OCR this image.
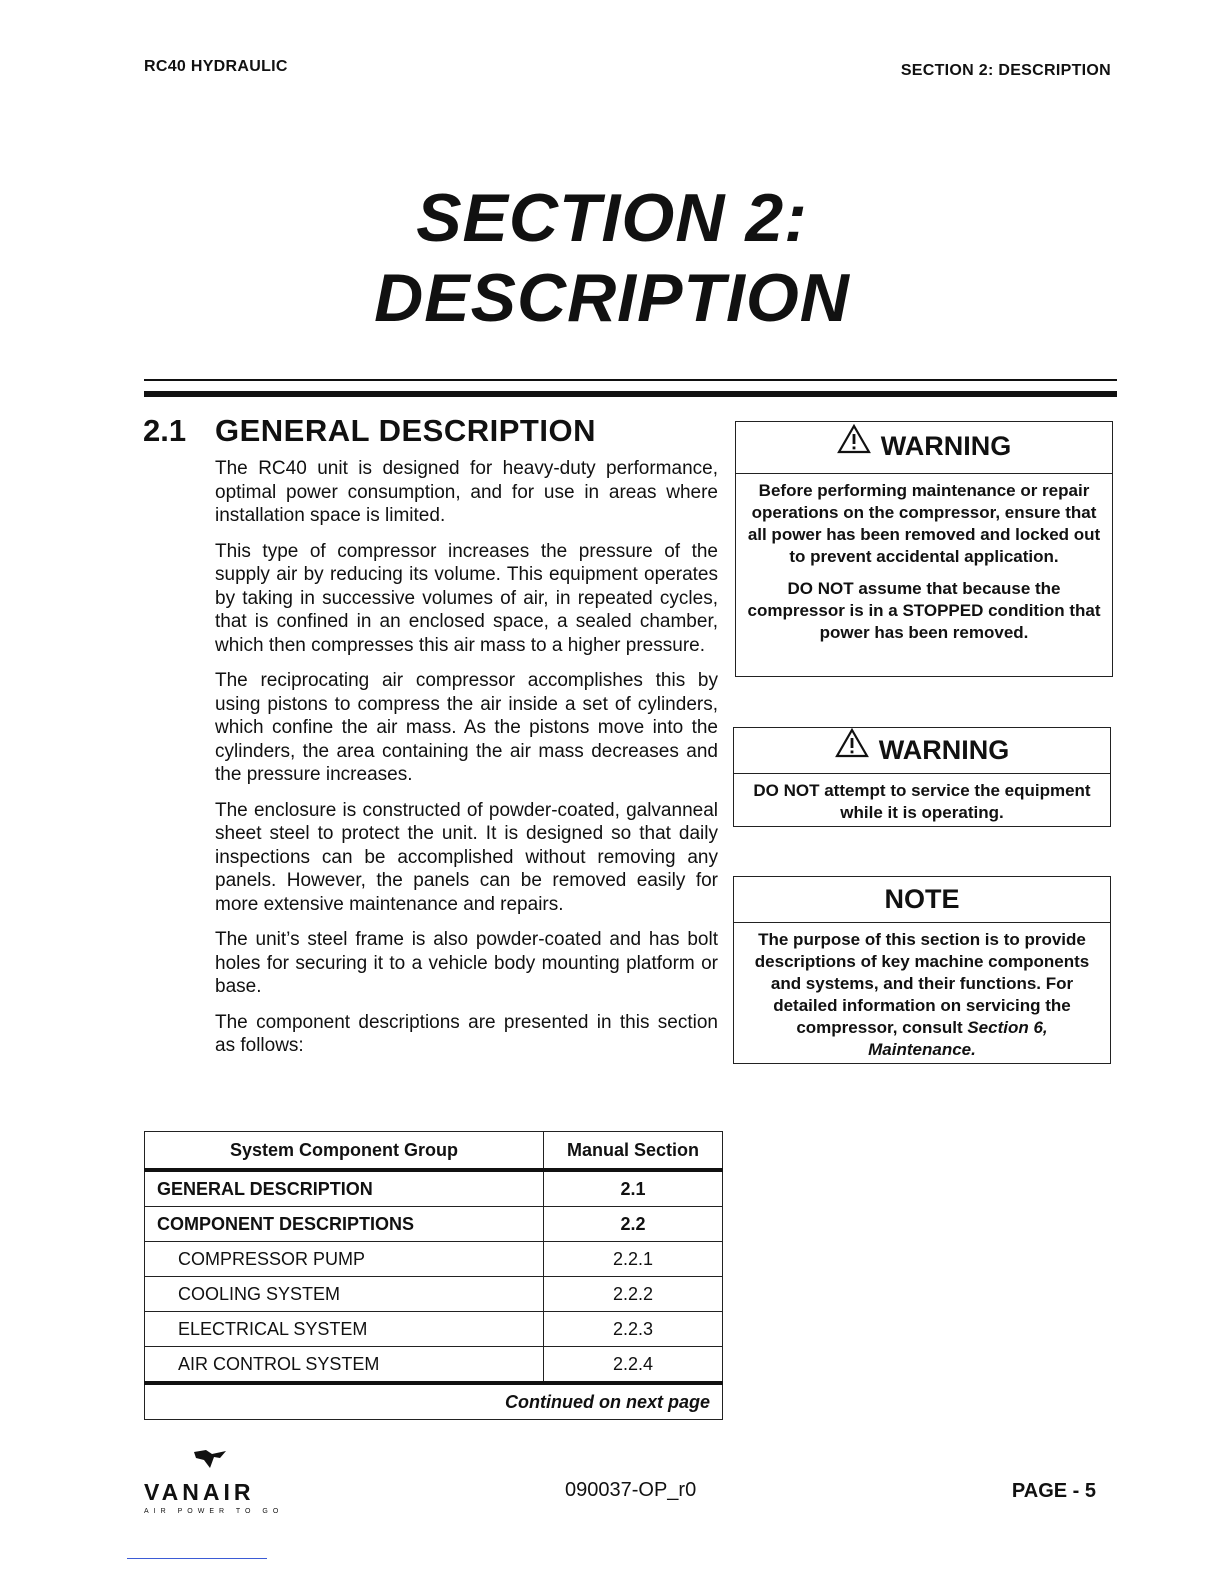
RC40 HYDRAULIC	SECTION 2: DESCRIPTION
SECTION 2:
DESCRIPTION
2.1 GENERAL DESCRIPTION

The RC40 unit is designed for heavy-duty performance, optimal power consumption, and for use in areas where installation space is limited.

This type of compressor increases the pressure of the supply air by reducing its volume. This equipment operates by taking in successive volumes of air, in repeated cycles, that is confined in an enclosed space, a sealed chamber, which then compresses this air mass to a higher pressure.

The reciprocating air compressor accomplishes this by using pistons to compress the air inside a set of cylinders, which confine the air mass. As the pistons move into the cylinders, the area containing the air mass decreases and the pressure increases.

The enclosure is constructed of powder-coated, galvanneal sheet steel to protect the unit. It is designed so that daily inspections can be accomplished without removing any panels. However, the panels can be removed easily for more extensive maintenance and repairs.

The unit’s steel frame is also powder-coated and has bolt holes for securing it to a vehicle body mounting platform or base.

The component descriptions are presented in this section as follows:

WARNING

Before performing maintenance or repair operations on the compressor, ensure that all power has been removed and locked out to prevent accidental application.

DO NOT assume that because the compressor is in a STOPPED condition that power has been removed.

WARNING

DO NOT attempt to service the equipment while it is operating.

NOTE

The purpose of this section is to provide descriptions of key machine components and systems, and their functions. For detailed information on servicing the compressor, consult Section 6, Maintenance.

System Component Group	Manual Section
GENERAL DESCRIPTION	2.1
COMPONENT DESCRIPTIONS	2.2
COMPRESSOR PUMP	2.2.1
COOLING SYSTEM	2.2.2
ELECTRICAL SYSTEM	2.2.3
AIR CONTROL SYSTEM	2.2.4
Continued on next page	
VANAIR
AIR POWER TO GO
090037-OP_r0	PAGE - 5
